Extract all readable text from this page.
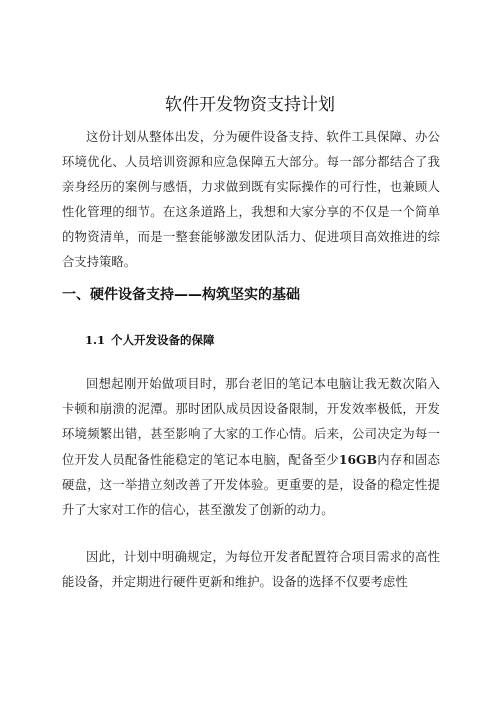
软件开发物资支持计划

这份计划从整体出发，分为硬件设备支持、软件工具保障、办公环境优化、人员培训资源和应急保障五大部分。每一部分都结合了我亲身经历的案例与感悟，力求做到既有实际操作的可行性，也兼顾人性化管理的细节。在这条道路上，我想和大家分享的不仅是一个简单的物资清单，而是一整套能够激发团队活力、促进项目高效推进的综合支持策略。

一、硬件设备支持——构筑坚实的基础
1.1 个人开发设备的保障

回想起刚开始做项目时，那台老旧的笔记本电脑让我无数次陷入卡顿和崩溃的泥潭。那时团队成员因设备限制，开发效率极低，开发环境频繁出错，甚至影响了大家的工作心情。后来，公司决定为每一位开发人员配备性能稳定的笔记本电脑，配备至少16GB内存和固态硬盘，这一举措立刻改善了开发体验。更重要的是，设备的稳定性提升了大家对工作的信心，甚至激发了创新的动力。

因此，计划中明确规定，为每位开发者配置符合项目需求的高性能设备，并定期进行硬件更新和维护。设备的选择不仅要考虑性
